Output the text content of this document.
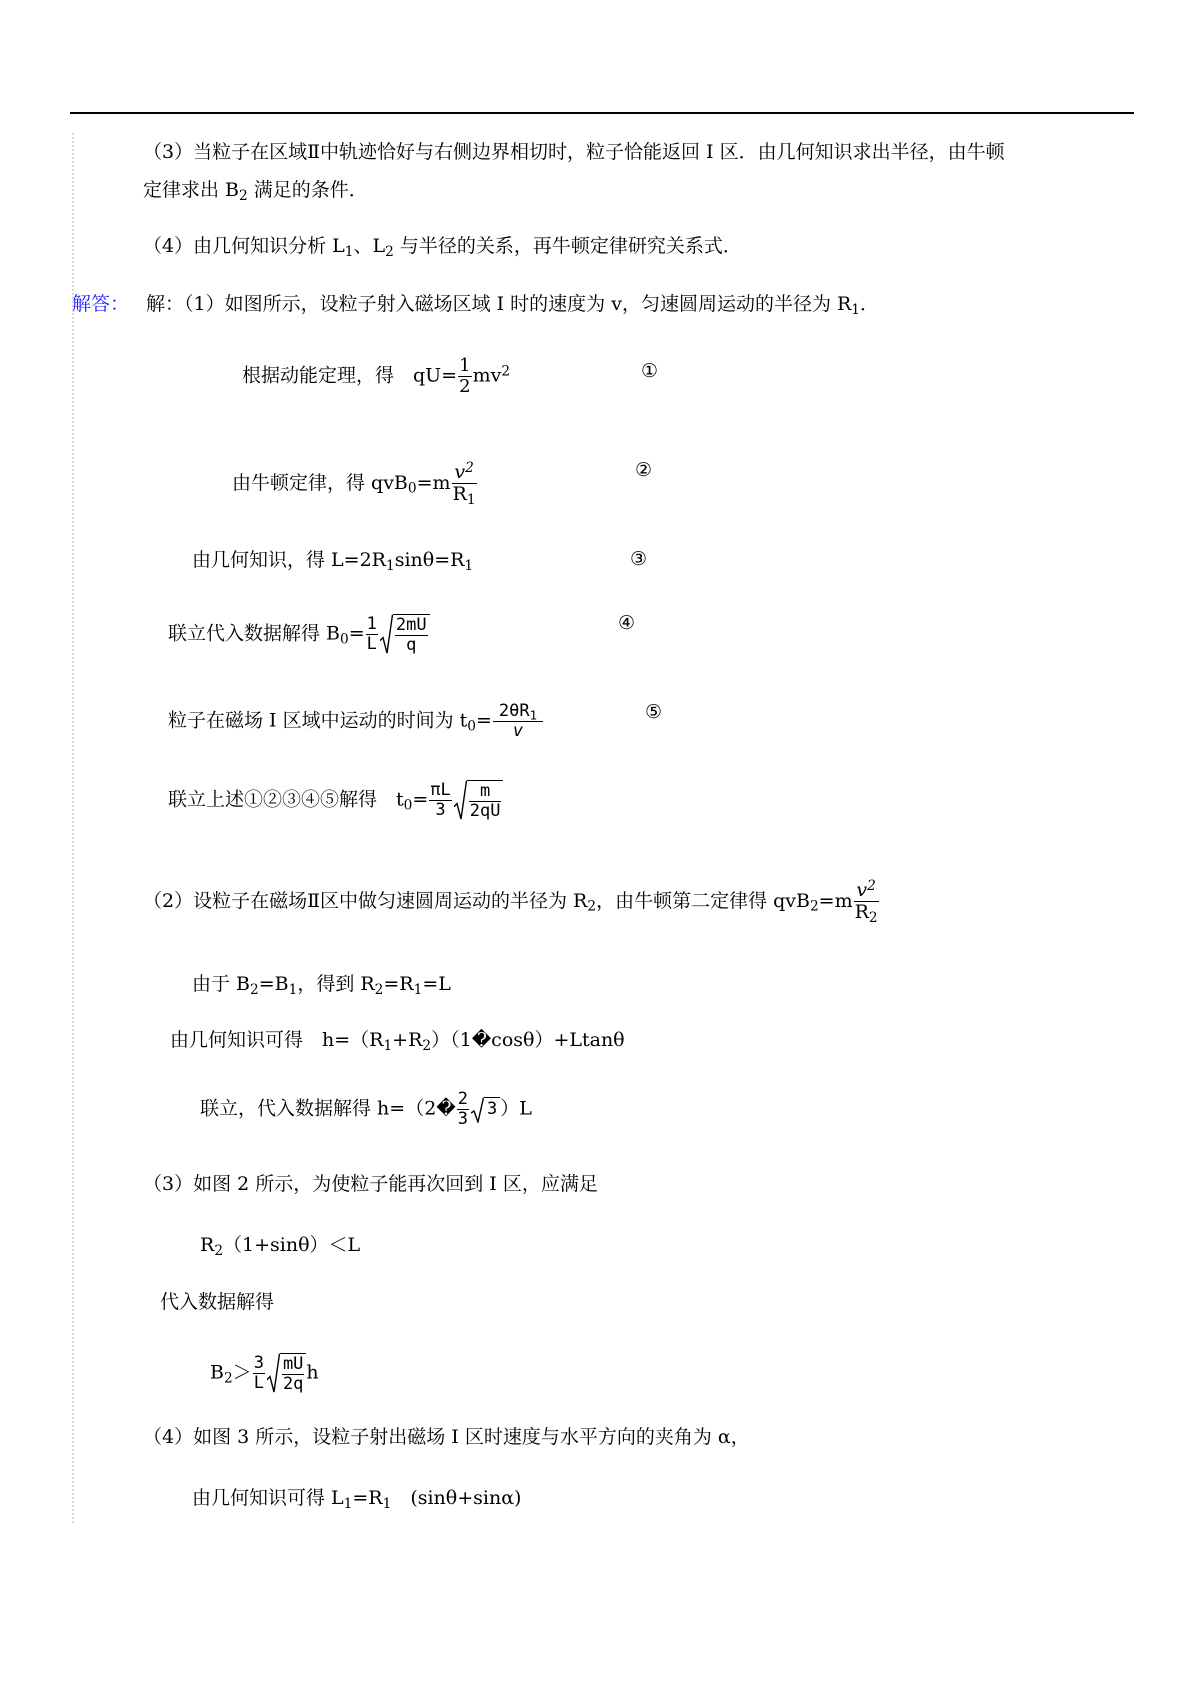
（3）当粒子在区域Ⅱ中轨迹恰好与右侧边界相切时，粒子恰能返回 I 区．由几何知识求出半径，由牛顿
定律求出 $B_2$ 满足的条件．
（4）由几何知识分析 $L_1$、$L_2$ 与半径的关系，再牛顿定律研究关系式．
解答： 解：（1）如图所示，设粒子射入磁场区域 I 时的速度为 v，匀速圆周运动的半径为 $R_1$．
根据动能定理，得　$qU= \frac{1}{2} mv^2$	①
由牛顿定律，得 $qvB_0=m \frac{v^2}{R_1}$	②
由几何知识，得 $L=2R_1\sin\theta=R_1$	③
联立代入数据解得 $B_0= \frac{1}{L} \frac{2mU}{q}$	④
粒子在磁场 I 区域中运动的时间为 $t_0= \frac{2\theta R_1}{v}$	⑤
联立上述①②③④⑤解得　$t_0= \frac{\pi L}{3} \frac{m}{2qU}$
（2）设粒子在磁场Ⅱ区中做匀速圆周运动的半径为 $R_2$，由牛顿第二定律得 $qvB_2=m \frac{v^2}{R_2}$
由于 $B_2=B_1$，得到 $R_2=R_1=L$
由几何知识可得　$h=(R_1+R_2)(1�\cos\theta)+Ltan\theta$
联立，代入数据解得 h=（2� $\frac{2}{3} 3$ ）L
（3）如图 2 所示，为使粒子能再次回到 I 区，应满足
$R_2(1+\sin\theta)<L$
代入数据解得
$B_2> \frac{3}{L} \frac{mU}{2q}$ h
（4）如图 3 所示，设粒子射出磁场 I 区时速度与水平方向的夹角为 α，
由几何知识可得 $L_1=R_1$　(sinθ+sinα)
